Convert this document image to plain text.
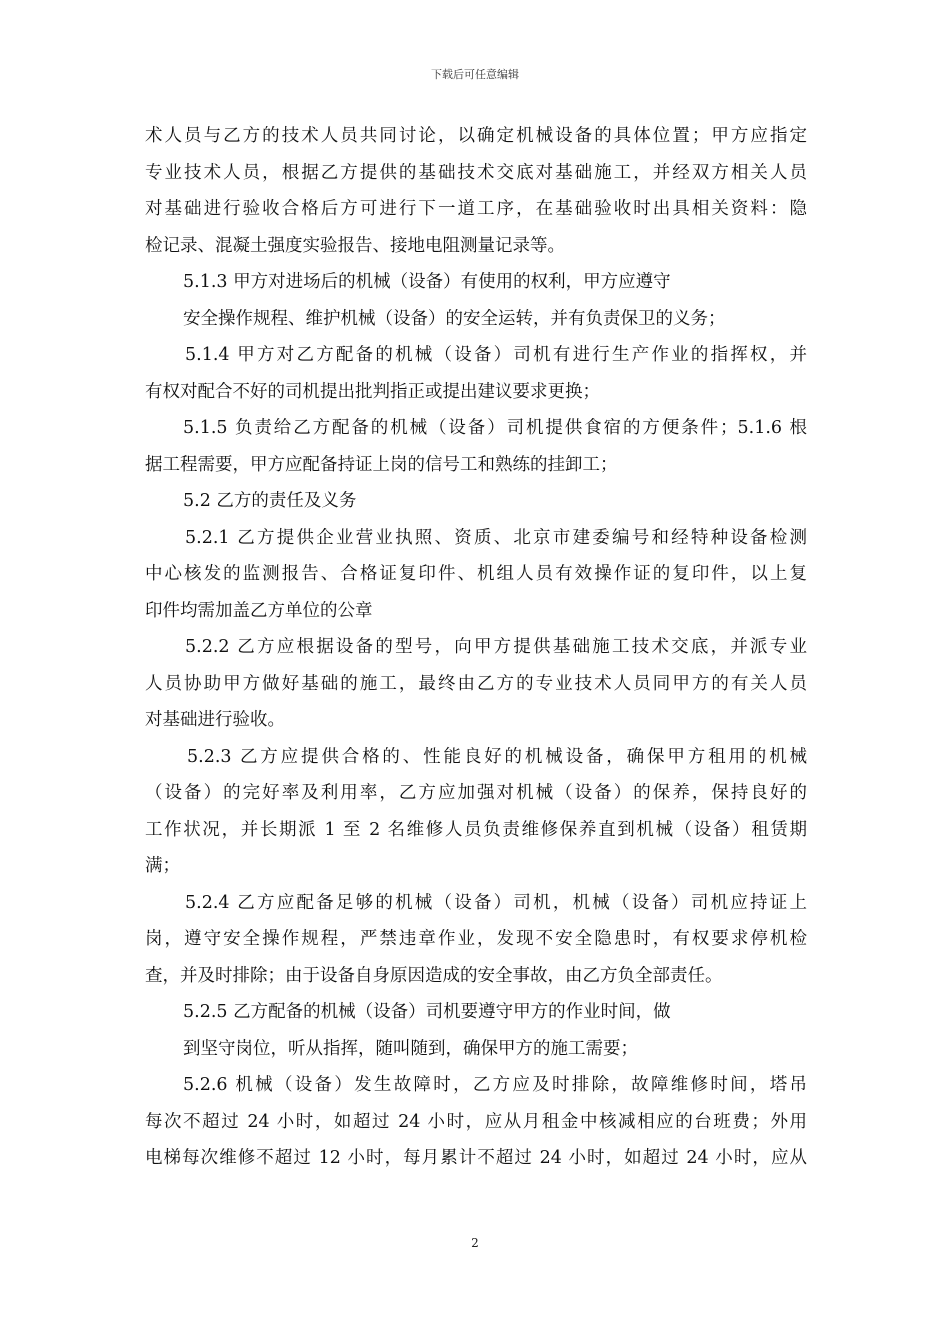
下载后可任意编辑
术人员与乙方的技术人员共同讨论，以确定机械设备的具体位置；甲方应指定
专业技术人员，根据乙方提供的基础技术交底对基础施工，并经双方相关人员
对基础进行验收合格后方可进行下一道工序，在基础验收时出具相关资料：隐
检记录、混凝土强度实验报告、接地电阻测量记录等。
5.1.3 甲方对进场后的机械（设备）有使用的权利，甲方应遵守
安全操作规程、维护机械（设备）的安全运转，并有负责保卫的义务；
5.1.4 甲方对乙方配备的机械（设备）司机有进行生产作业的指挥权，并
有权对配合不好的司机提出批判指正或提出建议要求更换；
5.1.5 负责给乙方配备的机械（设备）司机提供食宿的方便条件；5.1.6 根
据工程需要，甲方应配备持证上岗的信号工和熟练的挂卸工；
5.2 乙方的责任及义务
5.2.1 乙方提供企业营业执照、资质、北京市建委编号和经特种设备检测
中心核发的监测报告、合格证复印件、机组人员有效操作证的复印件，以上复
印件均需加盖乙方单位的公章
5.2.2 乙方应根据设备的型号，向甲方提供基础施工技术交底，并派专业
人员协助甲方做好基础的施工，最终由乙方的专业技术人员同甲方的有关人员
对基础进行验收。
5.2.3 乙方应提供合格的、性能良好的机械设备，确保甲方租用的机械
（设备）的完好率及利用率，乙方应加强对机械（设备）的保养，保持良好的
工作状况，并长期派 1 至 2 名维修人员负责维修保养直到机械（设备）租赁期
满；
5.2.4 乙方应配备足够的机械（设备）司机，机械（设备）司机应持证上
岗，遵守安全操作规程，严禁违章作业，发现不安全隐患时，有权要求停机检
查，并及时排除；由于设备自身原因造成的安全事故，由乙方负全部责任。
5.2.5 乙方配备的机械（设备）司机要遵守甲方的作业时间，做
到坚守岗位，听从指挥，随叫随到，确保甲方的施工需要；
5.2.6 机械（设备）发生故障时，乙方应及时排除，故障维修时间，塔吊
每次不超过 24 小时，如超过 24 小时，应从月租金中核减相应的台班费；外用
电梯每次维修不超过 12 小时，每月累计不超过 24 小时，如超过 24 小时，应从
2
